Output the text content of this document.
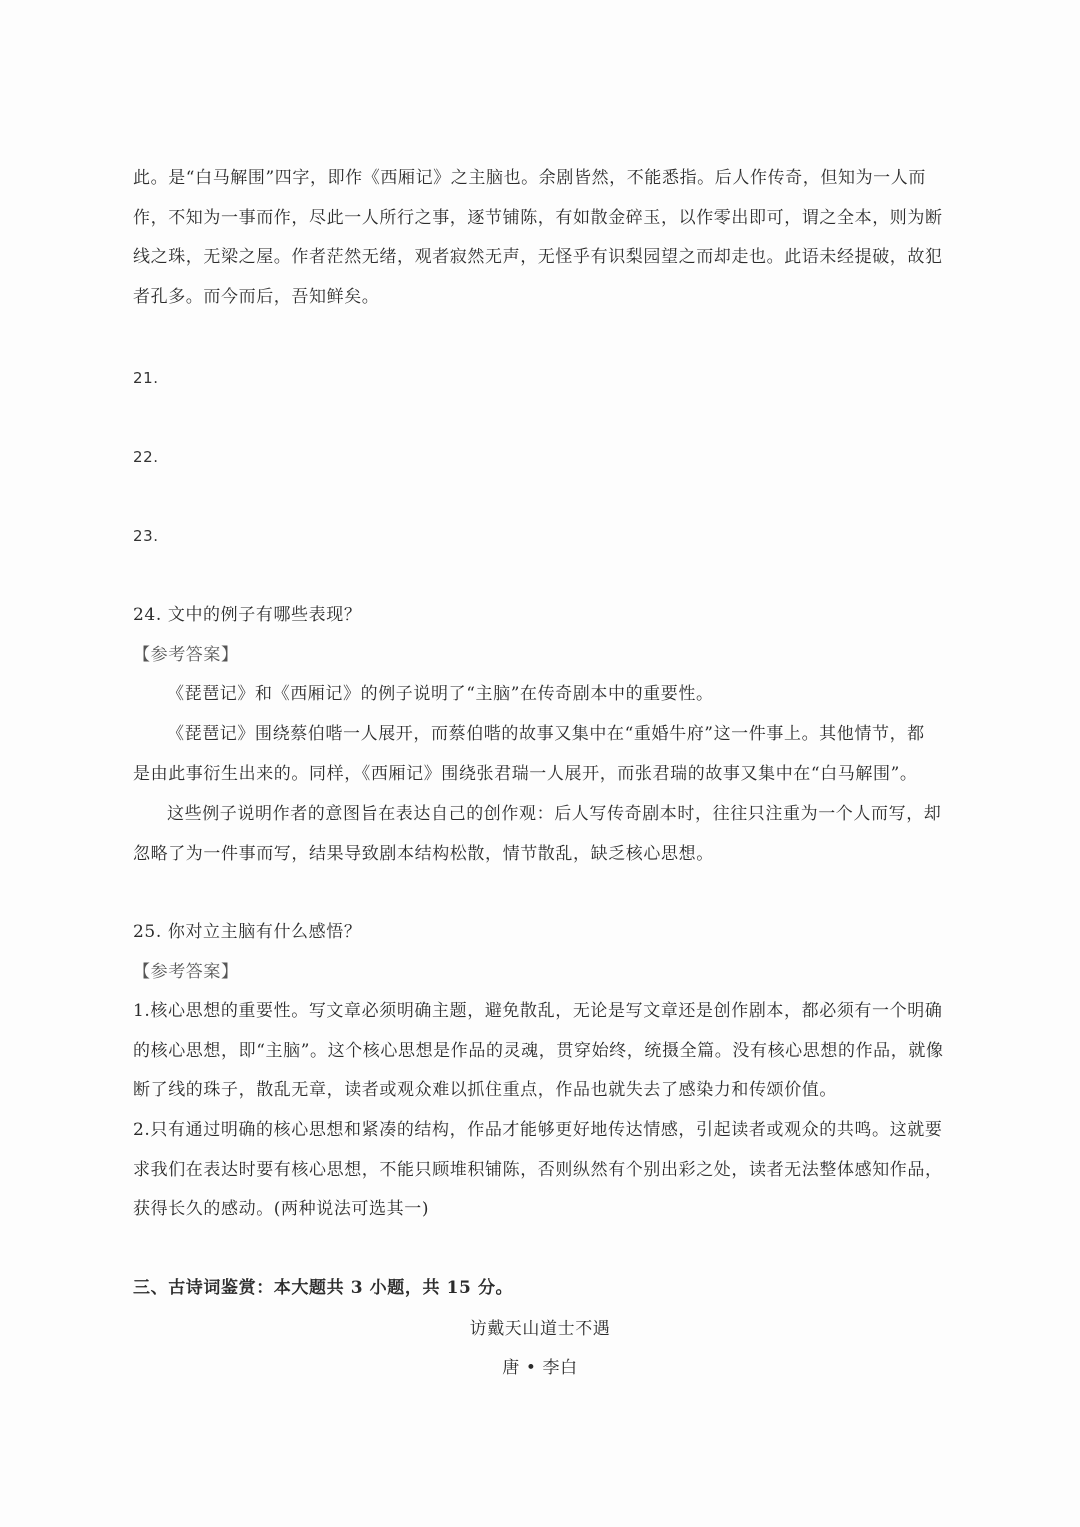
此。是“白马解围”四字，即作《西厢记》之主脑也。余剧皆然，不能悉指。后人作传奇，但知为一人而
作，不知为一事而作，尽此一人所行之事，逐节铺陈，有如散金碎玉，以作零出即可，谓之全本，则为断
线之珠，无梁之屋。作者茫然无绪，观者寂然无声，无怪乎有识梨园望之而却走也。此语未经提破，故犯
者孔多。而今而后，吾知鲜矣。
21.
22.
23.
24. 文中的例子有哪些表现？
【参考答案】
《琵琶记》和《西厢记》的例子说明了“主脑”在传奇剧本中的重要性。
《琵琶记》围绕蔡伯喈一人展开，而蔡伯喈的故事又集中在“重婚牛府”这一件事上。其他情节，都
是由此事衍生出来的。同样，《西厢记》围绕张君瑞一人展开，而张君瑞的故事又集中在“白马解围”。
这些例子说明作者的意图旨在表达自己的创作观：后人写传奇剧本时，往往只注重为一个人而写，却
忽略了为一件事而写，结果导致剧本结构松散，情节散乱，缺乏核心思想。
25. 你对立主脑有什么感悟？
【参考答案】
1.核心思想的重要性。写文章必须明确主题，避免散乱，无论是写文章还是创作剧本，都必须有一个明确
的核心思想，即“主脑”。这个核心思想是作品的灵魂，贯穿始终，统摄全篇。没有核心思想的作品，就像
断了线的珠子，散乱无章，读者或观众难以抓住重点，作品也就失去了感染力和传颂价值。
2.只有通过明确的核心思想和紧凑的结构，作品才能够更好地传达情感，引起读者或观众的共鸣。这就要
求我们在表达时要有核心思想，不能只顾堆积铺陈，否则纵然有个别出彩之处，读者无法整体感知作品，
获得长久的感动。(两种说法可选其一)
三、古诗词鉴赏：本大题共 3 小题，共 15 分。
访戴天山道士不遇
唐 • 李白
